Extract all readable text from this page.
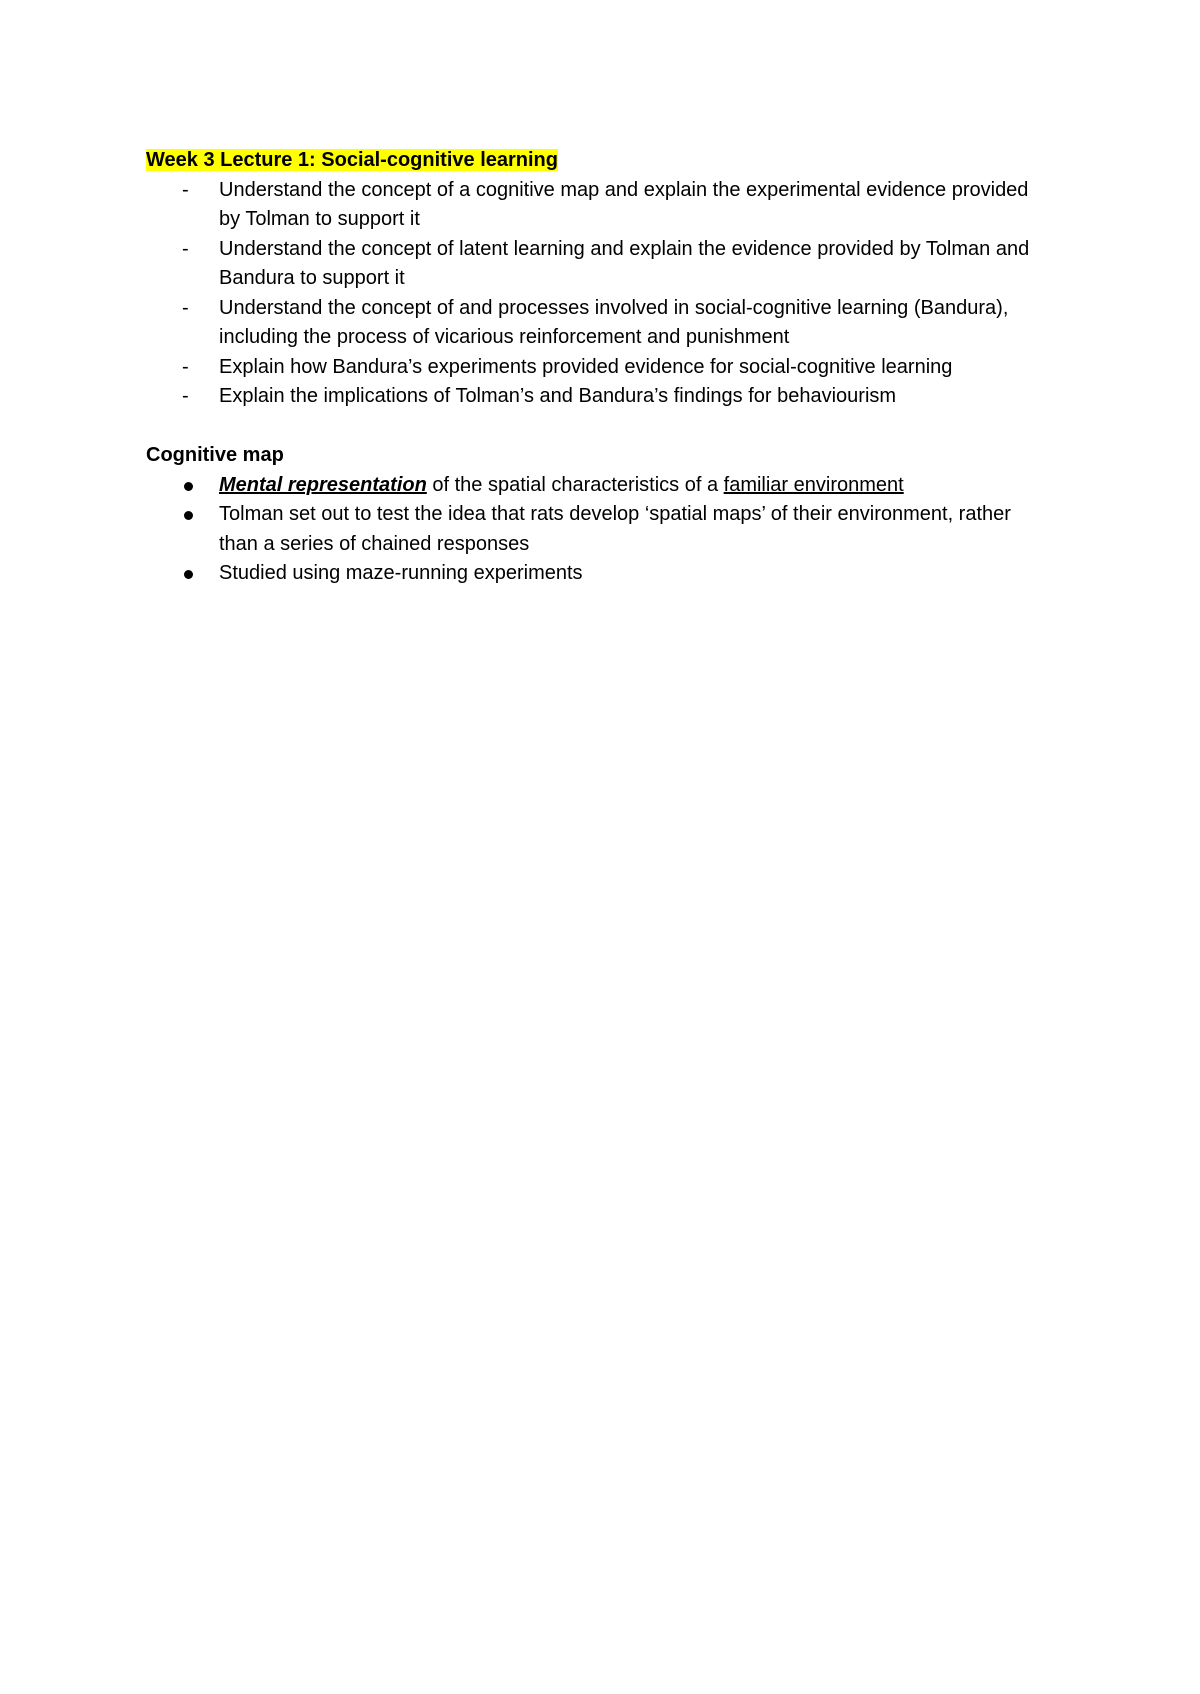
Week 3 Lecture 1: Social-cognitive learning

-	Understand the concept of a cognitive map and explain the experimental evidence provided by Tolman to support it
-	Understand the concept of latent learning and explain the evidence provided by Tolman and Bandura to support it
-	Understand the concept of and processes involved in social-cognitive learning (Bandura), including the process of vicarious reinforcement and punishment
-	Explain how Bandura’s experiments provided evidence for social-cognitive learning
-	Explain the implications of Tolman’s and Bandura’s findings for behaviourism

Cognitive map

Mental representation of the spatial characteristics of a familiar environment
Tolman set out to test the idea that rats develop ‘spatial maps’ of their environment, rather than a series of chained responses
Studied using maze-running experiments
